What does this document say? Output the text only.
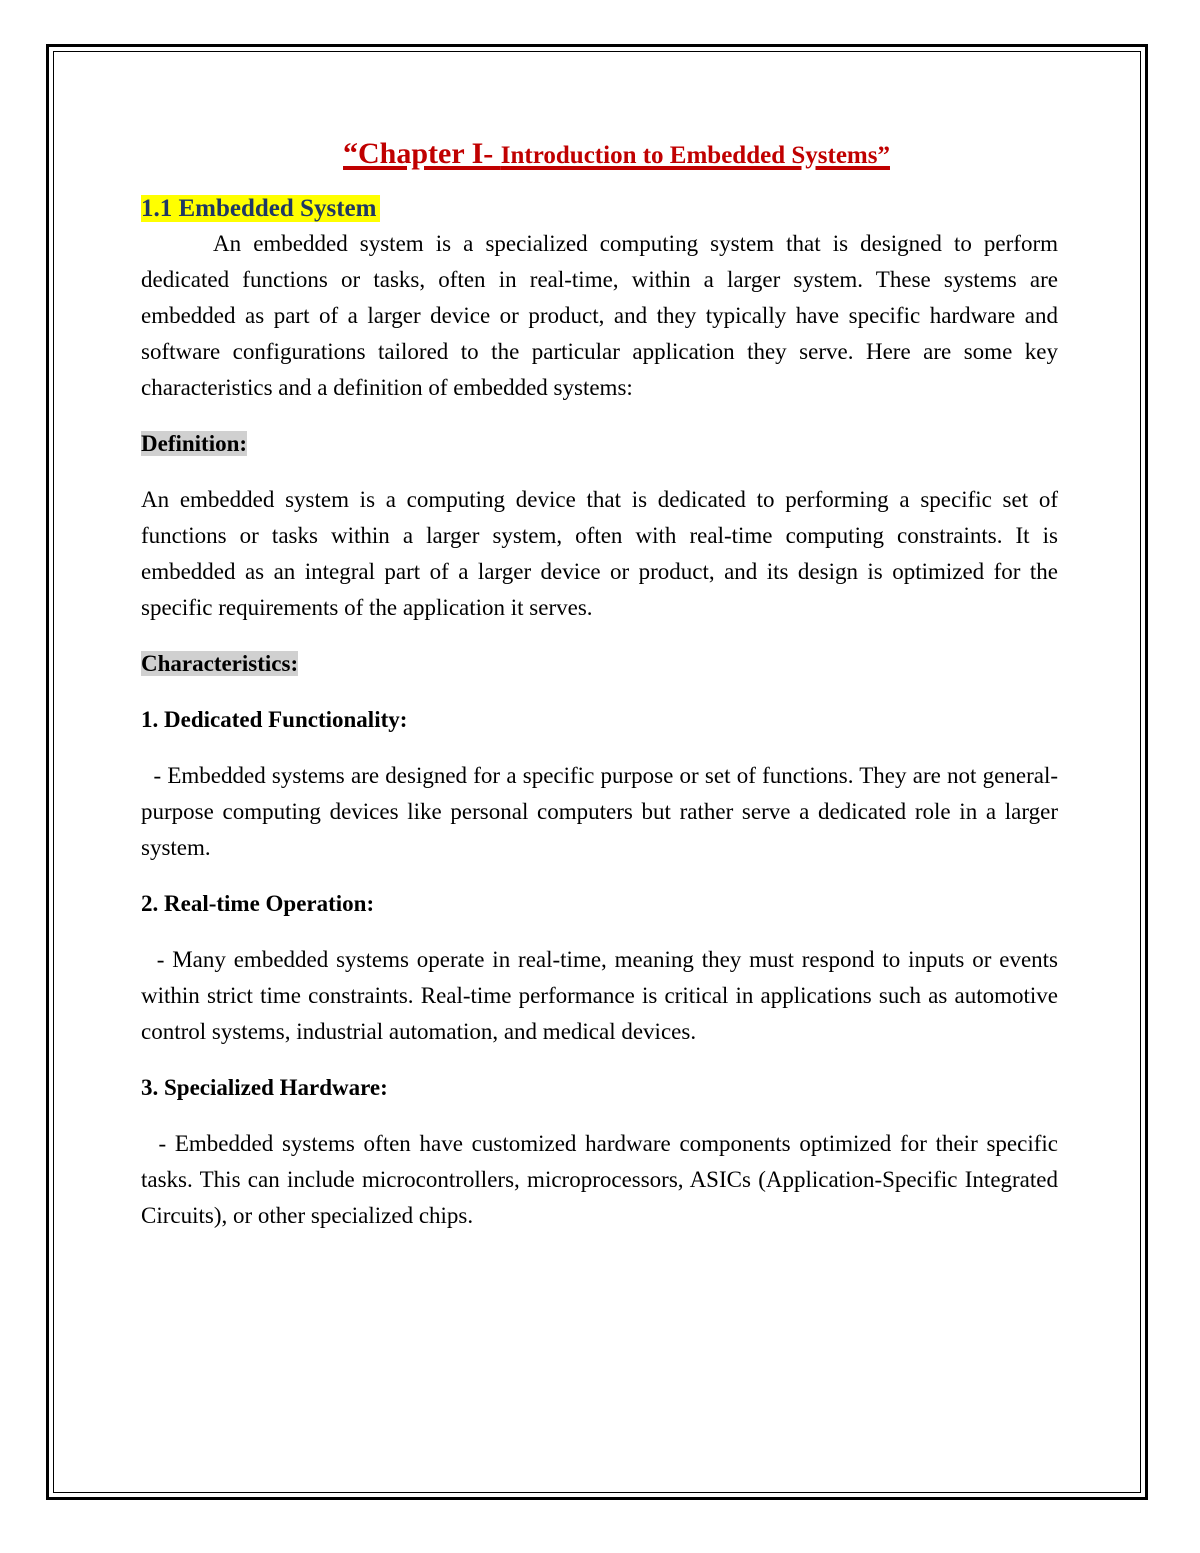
“Chapter I- Introduction to Embedded Systems”
1.1 Embedded System

An embedded system is a specialized computing system that is designed to perform dedicated functions or tasks, often in real-time, within a larger system. These systems are embedded as part of a larger device or product, and they typically have specific hardware and software configurations tailored to the particular application they serve. Here are some key characteristics and a definition of embedded systems:

Definition:

An embedded system is a computing device that is dedicated to performing a specific set of functions or tasks within a larger system, often with real-time computing constraints. It is embedded as an integral part of a larger device or product, and its design is optimized for the specific requirements of the application it serves.

Characteristics:

1. Dedicated Functionality:

- Embedded systems are designed for a specific purpose or set of functions. They are not general-purpose computing devices like personal computers but rather serve a dedicated role in a larger system.

2. Real-time Operation:

- Many embedded systems operate in real-time, meaning they must respond to inputs or events within strict time constraints. Real-time performance is critical in applications such as automotive control systems, industrial automation, and medical devices.

3. Specialized Hardware:

- Embedded systems often have customized hardware components optimized for their specific tasks. This can include microcontrollers, microprocessors, ASICs (Application-Specific Integrated Circuits), or other specialized chips.
